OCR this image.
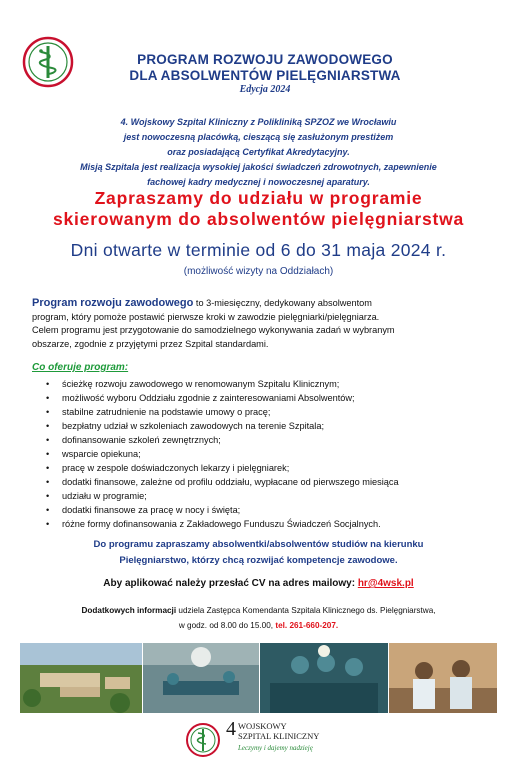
PROGRAM ROZWOJU ZAWODOWEGO
DLA ABSOLWENTÓW PIELĘGNIARSTWA
Edycja 2024
4. Wojskowy Szpital Kliniczny z Polikliniką SPZOZ we Wrocławiu
jest nowoczesną placówką, cieszącą się zasłużonym prestiżem
oraz posiadającą Certyfikat Akredytacyjny.
Misją Szpitala jest realizacja wysokiej jakości świadczeń zdrowotnych, zapewnienie
fachowej kadry medycznej i nowoczesnej aparatury.
Zapraszamy do udziału w programie
skierowanym do absolwentów pielęgniarstwa
Dni otwarte w terminie od 6 do 31 maja 2024 r.
(możliwość wizyty na Oddziałach)
Program rozwoju zawodowego to 3-miesięczny, dedykowany absolwentom
program, który pomoże postawić pierwsze kroki w zawodzie pielęgniarki/pielęgniarza.
Celem programu jest przygotowanie do samodzielnego wykonywania zadań w wybranym
obszarze, zgodnie z przyjętymi przez Szpital standardami.
Co oferuje program:
• ścieżkę rozwoju zawodowego w renomowanym Szpitalu Klinicznym;
• możliwość wyboru Oddziału zgodnie z zainteresowaniami Absolwentów;
• stabilne zatrudnienie na podstawie umowy o pracę;
• bezpłatny udział w szkoleniach zawodowych na terenie Szpitala;
• dofinansowanie szkoleń zewnętrznych;
• wsparcie opiekuna;
• pracę w zespole doświadczonych lekarzy i pielęgniarek;
• dodatki finansowe, zależne od profilu oddziału, wypłacane od pierwszego miesiąca
• udziału w programie;
• dodatki finansowe za pracę w nocy i święta;
• różne formy dofinansowania z Zakładowego Funduszu Świadczeń Socjalnych.
Do programu zapraszamy absolwentki/absolwentów studiów na kierunku
Pielęgniarstwo, którzy chcą rozwijać kompetencje zawodowe.
Aby aplikować należy przesłać CV na adres mailowy: hr@4wsk.pl
Dodatkowych informacji udziela Zastępca Komendanta Szpitala Klinicznego ds. Pielęgniarstwa,
w godz. od 8.00 do 15.00, tel. 261-660-207.
4 WOJSKOWY
SZPITAL KLINICZNY
Leczymy i dajemy nadzieję
